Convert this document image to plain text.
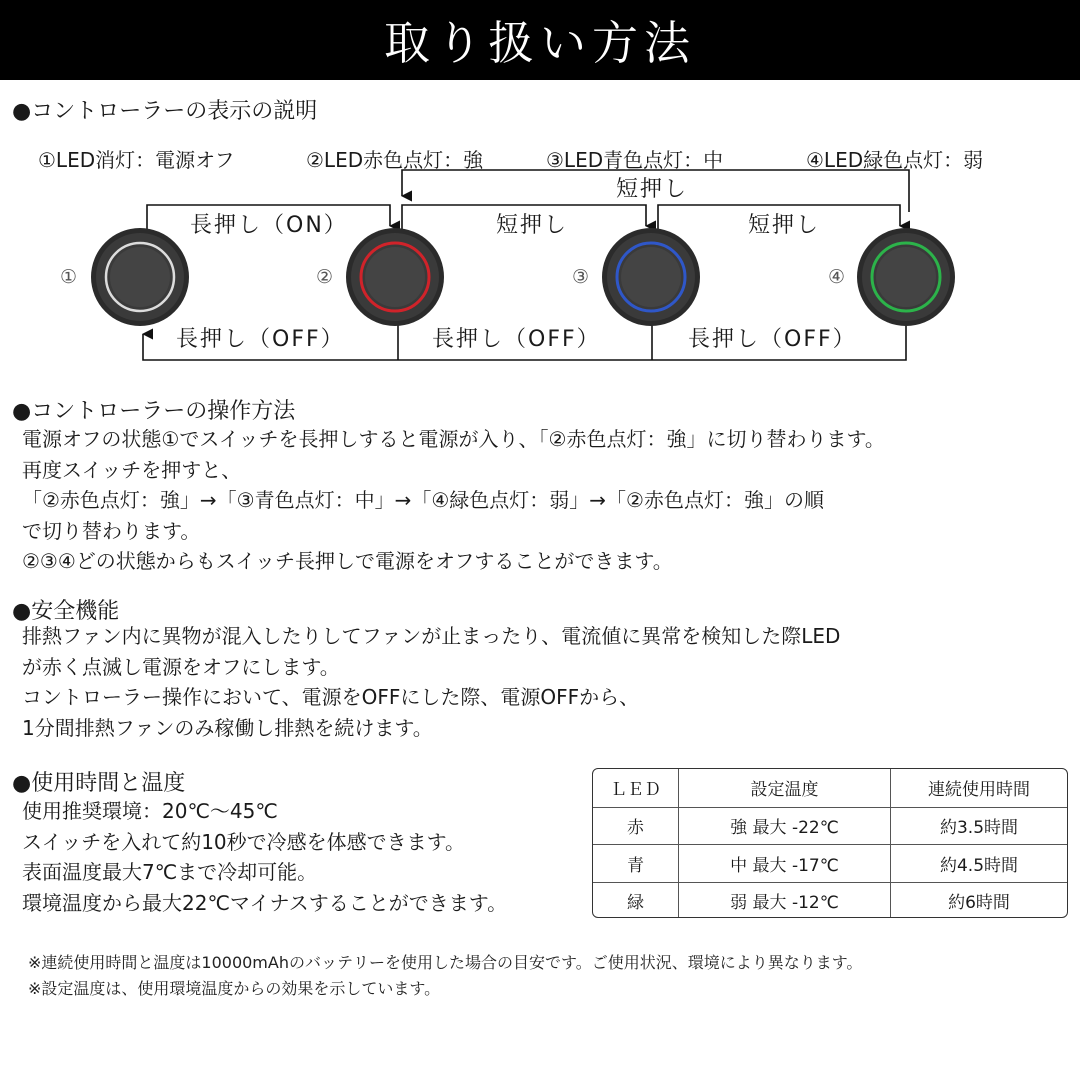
取り扱い方法
●コントローラーの表示の説明
①LED消灯：電源オフ	②LED赤色点灯：強	③LED青色点灯：中	④LED緑色点灯：弱
短押し
長押し（ON）	短押し	短押し
①	②	③	④
長押し（OFF）	長押し（OFF）	長押し（OFF）
●コントローラーの操作方法
電源オフの状態①でスイッチを長押しすると電源が入り、「②赤色点灯：強」に切り替わります。
再度スイッチを押すと、
「②赤色点灯：強」→「③青色点灯：中」→「④緑色点灯：弱」→「②赤色点灯：強」の順
で切り替わります。
②③④どの状態からもスイッチ長押しで電源をオフすることができます。
●安全機能
排熱ファン内に異物が混入したりしてファンが止まったり、電流値に異常を検知した際LED
が赤く点滅し電源をオフにします。
コントローラー操作において、電源をOFFにした際、電源OFFから、
1分間排熱ファンのみ稼働し排熱を続けます。
●使用時間と温度
使用推奨環境：20℃～45℃
スイッチを入れて約10秒で冷感を体感できます。
表面温度最大7℃まで冷却可能。
環境温度から最大22℃マイナスすることができます。
ＬＥＤ	設定温度	連続使用時間
赤	強 最大 -22℃	約3.5時間
青	中 最大 -17℃	約4.5時間
緑	弱 最大 -12℃	約6時間
※連続使用時間と温度は10000mAhのバッテリーを使用した場合の目安です。ご使用状況、環境により異なります。
※設定温度は、使用環境温度からの効果を示しています。
